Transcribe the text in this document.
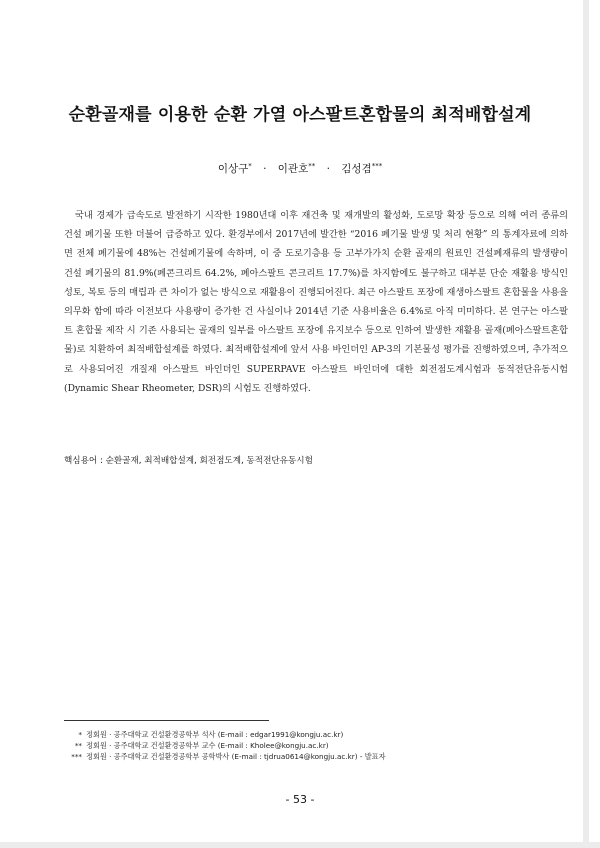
순환골재를 이용한 순환 가열 아스팔트혼합물의 최적배합설계
이상구* · 이관호** · 김성겸***
국내 경제가 급속도로 발전하기 시작한 1980년대 이후 재건축 및 재개발의 활성화, 도로망 확장 등으로 의해 여러 종류의 건설 폐기물 또한 더불어 급증하고 있다. 환경부에서 2017년에 발간한 “2016 폐기물 발생 및 처리 현황” 의 통계자료에 의하면 전체 폐기물에 48%는 건설폐기물에 속하며, 이 중 도로기층용 등 고부가가치 순환 골재의 원료인 건설폐재류의 발생량이 건설 폐기물의 81.9%(폐콘크리트 64.2%, 폐아스팔트 콘크리트 17.7%)를 차지함에도 불구하고 대부분 단순 재활용 방식인 성토, 복토 등의 매립과 큰 차이가 없는 방식으로 재활용이 진행되어진다. 최근 아스팔트 포장에 재생아스팔트 혼합물을 사용을 의무화 함에 따라 이전보다 사용량이 증가한 건 사실이나 2014년 기준 사용비율은 6.4%로 아직 미미하다. 본 연구는 아스팔트 혼합물 제작 시 기존 사용되는 골재의 일부를 아스팔트 포장에 유지보수 등으로 인하여 발생한 재활용 골재(폐아스팔트혼합물)로 치환하여 최적배합설계를 하였다. 최적배합설계에 앞서 사용 바인더인 AP-3의 기본물성 평가를 진행하였으며, 추가적으로 사용되어진 개질재 아스팔트 바인더인 SUPERPAVE 아스팔트 바인더에 대한 회전점도계시험과 동적전단유동시험(Dynamic Shear Rheometer, DSR)의 시험도 진행하였다.
핵심용어 : 순환골재, 최적배합설계, 회전점도계, 동적전단유동시험
* 정회원 · 공주대학교 건설환경공학부 석사 (E-mail : edgar1991@kongju.ac.kr)
** 정회원 · 공주대학교 건설환경공학부 교수 (E-mail : Kholee@kongju.ac.kr)
*** 정회원 · 공주대학교 건설환경공학부 공학박사 (E-mail : tjdrua0614@kongju.ac.kr) - 발표자
- 53 -
